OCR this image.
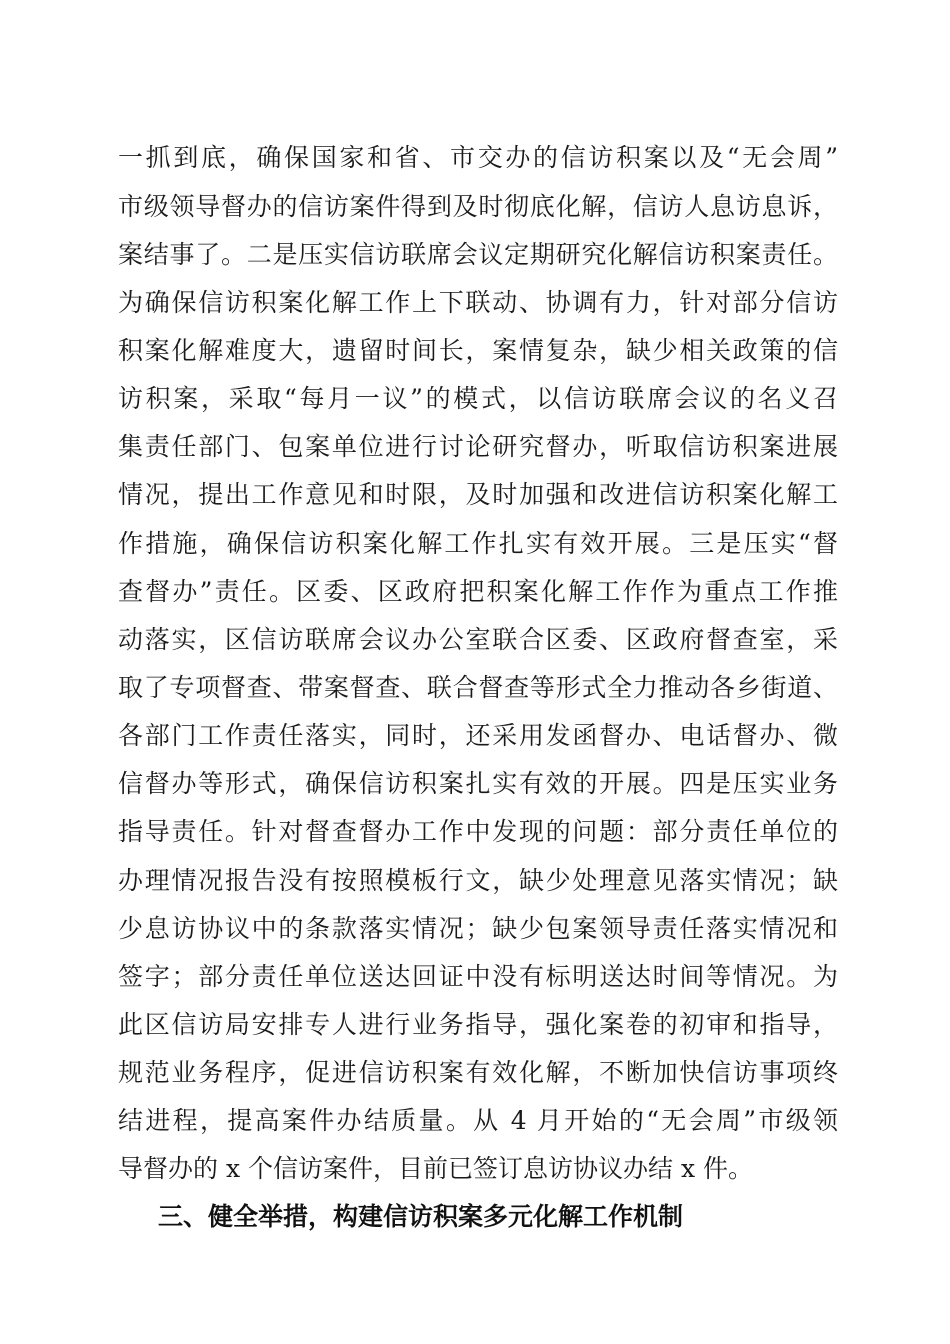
一抓到底，确保国家和省、市交办的信访积案以及“无会周”
市级领导督办的信访案件得到及时彻底化解，信访人息访息诉，
案结事了。二是压实信访联席会议定期研究化解信访积案责任。
为确保信访积案化解工作上下联动、协调有力，针对部分信访
积案化解难度大，遗留时间长，案情复杂，缺少相关政策的信
访积案，采取“每月一议”的模式，以信访联席会议的名义召
集责任部门、包案单位进行讨论研究督办，听取信访积案进展
情况，提出工作意见和时限，及时加强和改进信访积案化解工
作措施，确保信访积案化解工作扎实有效开展。三是压实“督
查督办”责任。区委、区政府把积案化解工作作为重点工作推
动落实，区信访联席会议办公室联合区委、区政府督查室，采
取了专项督查、带案督查、联合督查等形式全力推动各乡街道、
各部门工作责任落实，同时，还采用发函督办、电话督办、微
信督办等形式，确保信访积案扎实有效的开展。四是压实业务
指导责任。针对督查督办工作中发现的问题：部分责任单位的
办理情况报告没有按照模板行文，缺少处理意见落实情况；缺
少息访协议中的条款落实情况；缺少包案领导责任落实情况和
签字；部分责任单位送达回证中没有标明送达时间等情况。为
此区信访局安排专人进行业务指导，强化案卷的初审和指导，
规范业务程序，促进信访积案有效化解，不断加快信访事项终
结进程，提高案件办结质量。从 4 月开始的“无会周”市级领
导督办的 x 个信访案件，目前已签订息访协议办结 x 件。
三、健全举措，构建信访积案多元化解工作机制
